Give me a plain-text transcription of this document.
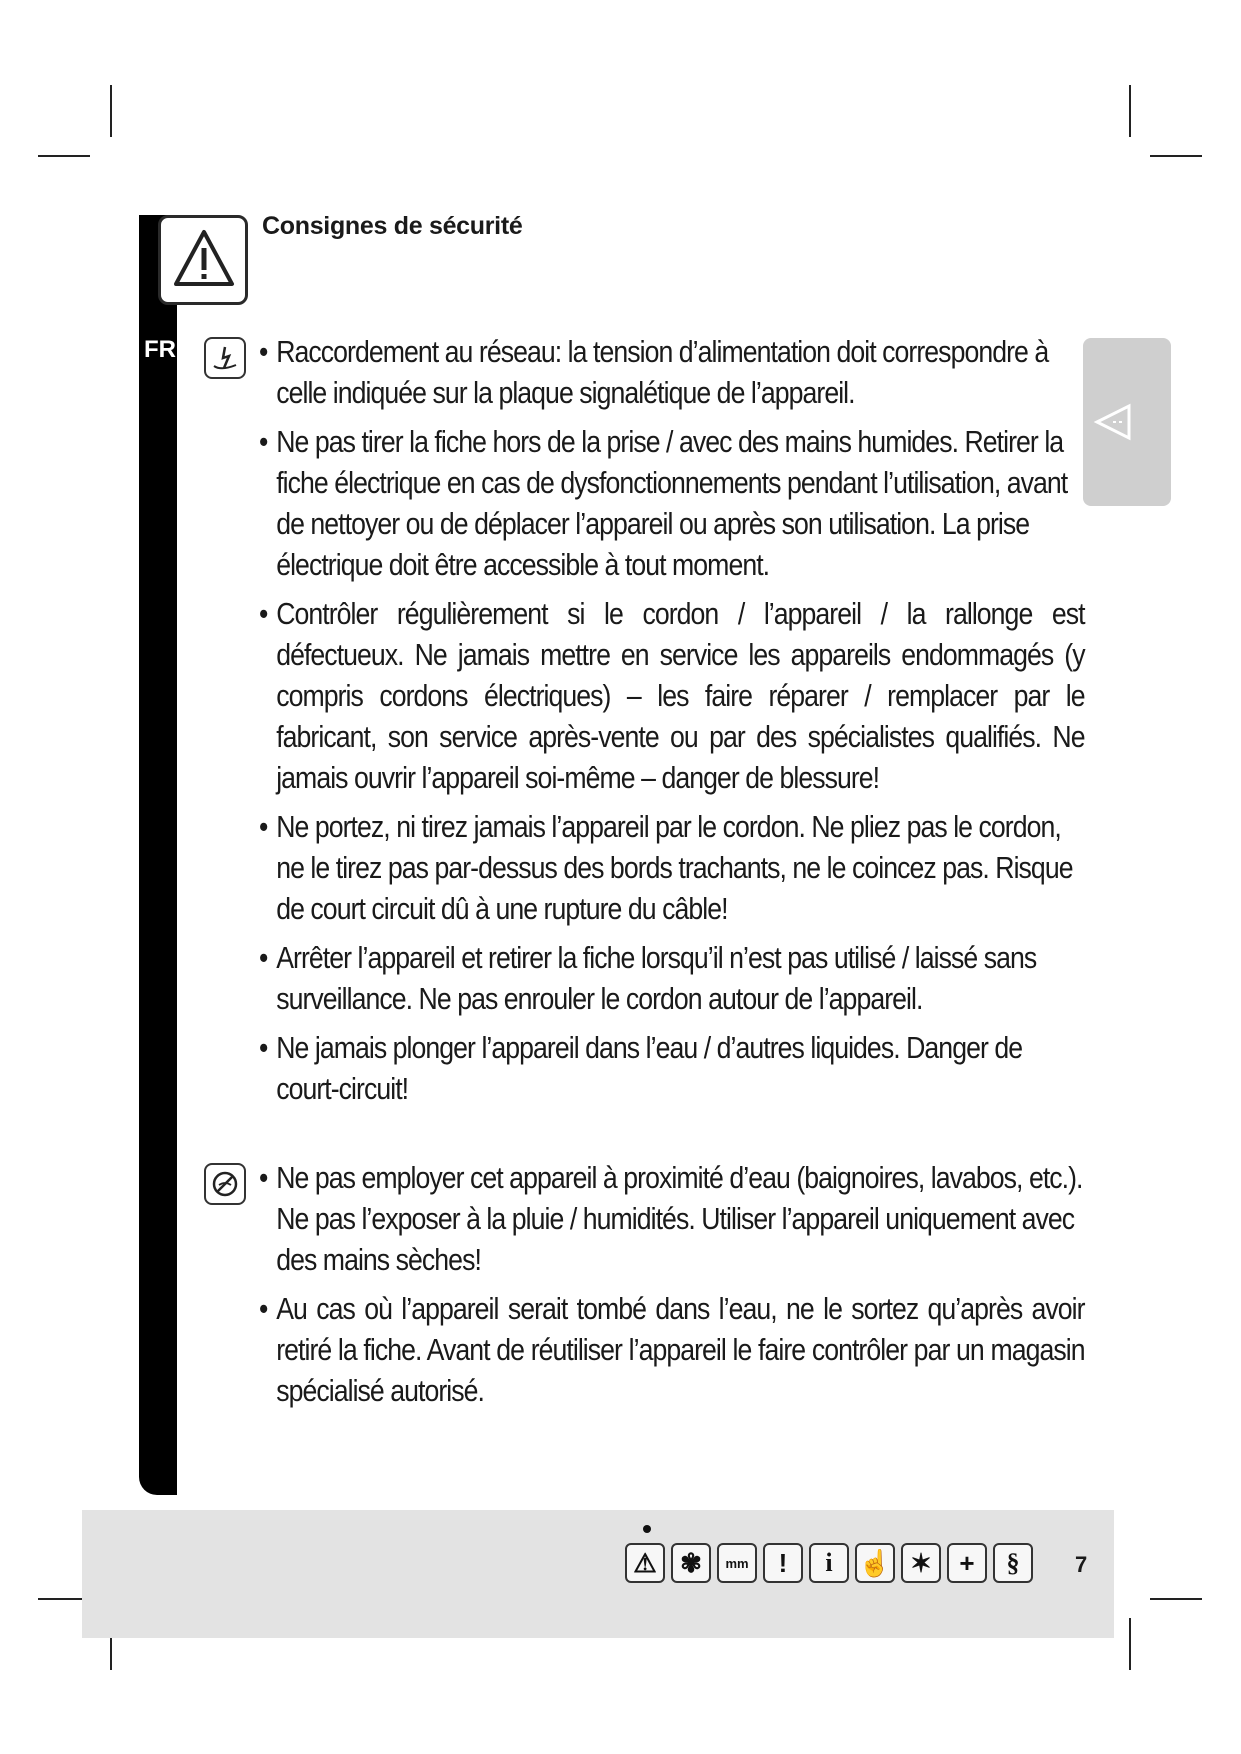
FR
Consignes de sécurité
• Raccordement au réseau: la tension d’alimentation doit correspondre à celle indiquée sur la plaque signalétique de l’appareil.
• Ne pas tirer la fiche hors de la prise / avec des mains humides. Retirer la fiche électrique en cas de dysfonctionnements pendant l’utilisation, avant de nettoyer ou de déplacer l’appareil ou après son utilisation. La prise électrique doit être accessible à tout moment.
• Contrôler régulièrement si le cordon / l’appareil / la rallonge est défectueux. Ne jamais mettre en service les appareils endommagés (y compris cordons électriques) – les faire réparer / remplacer par le fabricant, son service après-vente ou par des spécialistes qualifiés. Ne jamais ouvrir l’appareil soi-même – danger de blessure!
• Ne portez, ni tirez jamais l’appareil par le cordon. Ne pliez pas le cordon, ne le tirez pas par-dessus des bords trachants, ne le coincez pas. Risque de court circuit dû à une rupture du câble!
• Arrêter l’appareil et retirer la fiche lorsqu’il n’est pas utilisé / laissé sans surveillance. Ne pas enrouler le cordon autour de l’appareil.
• Ne jamais plonger l’appareil dans l’eau / d’autres liquides. Danger de court-circuit!
• Ne pas employer cet appareil à proximité d’eau (baignoires, lavabos, etc.). Ne pas l’exposer à la pluie / humidités. Utiliser l’appareil uniquement avec des mains sèches!
• Au cas où l’appareil serait tombé dans l’eau, ne le sortez qu’après avoir retiré la fiche. Avant de réutiliser l’appareil le faire contrôler par un magasin spécialisé autorisé.
⚠ ✾	mm	!	i	☝ ✶	+	§	7
